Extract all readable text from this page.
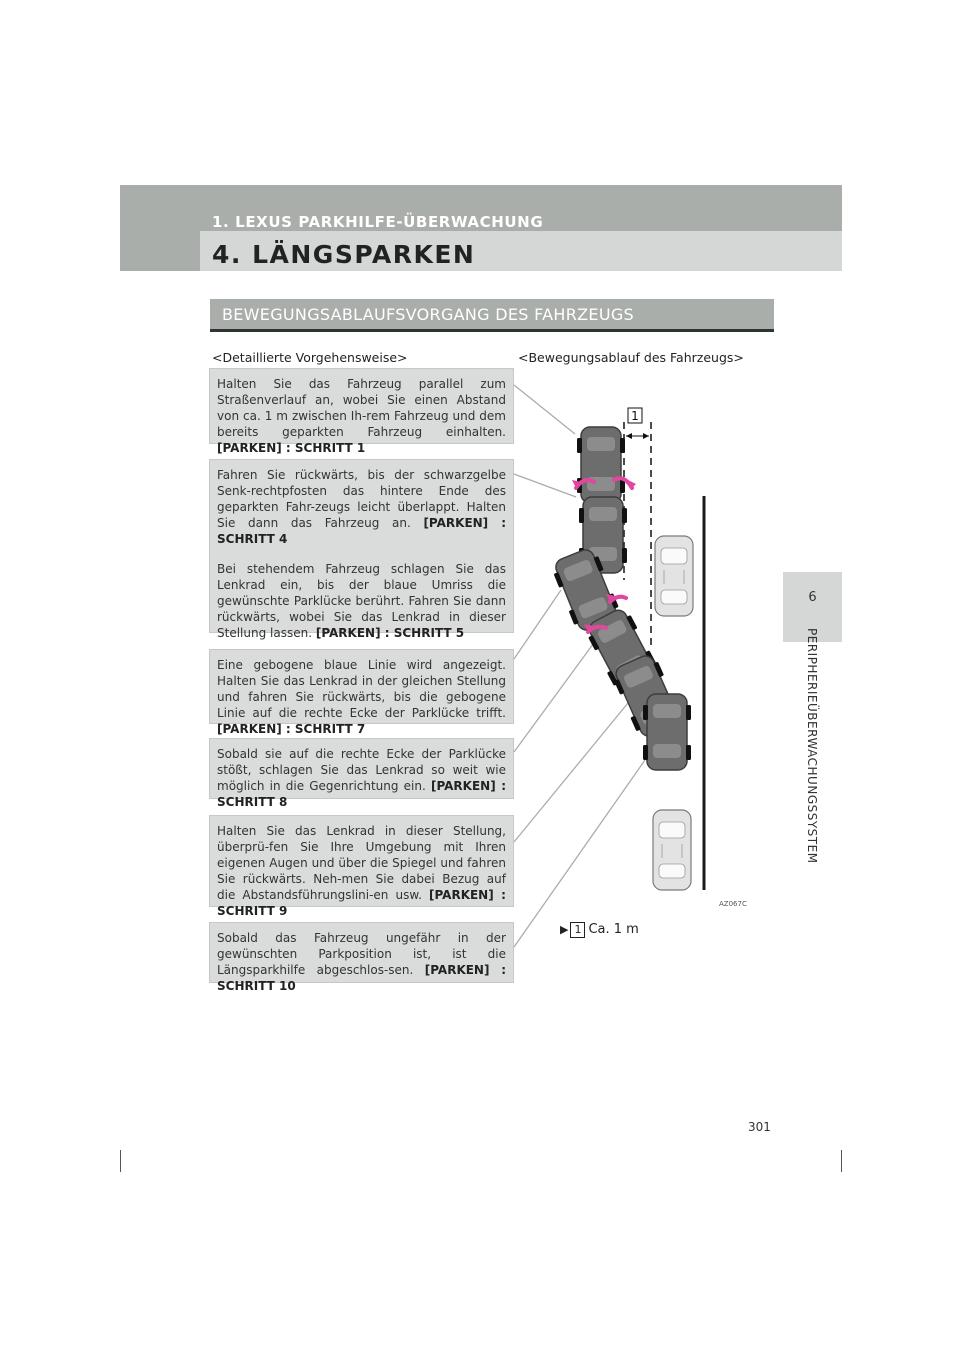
1. LEXUS PARKHILFE-ÜBERWACHUNG
4. LÄNGSPARKEN
6
PERIPHERIEÜBERWACHUNGSSYSTEM
BEWEGUNGSABLAUFSVORGANG DES FAHRZEUGS
<Detaillierte Vorgehensweise>	<Bewegungsablauf des Fahrzeugs>

Halten Sie das Fahrzeug parallel zum Straßenverlauf an, wobei Sie einen Abstand von ca. 1 m zwischen Ih-rem Fahrzeug und dem bereits geparkten Fahrzeug einhalten. [PARKEN] : SCHRITT 1

Fahren Sie rückwärts, bis der schwarzgelbe Senk-rechtpfosten das hintere Ende des geparkten Fahr-zeugs leicht überlappt. Halten Sie dann das Fahrzeug an. [PARKEN] : SCHRITT 4

Bei stehendem Fahrzeug schlagen Sie das Lenkrad ein, bis der blaue Umriss die gewünschte Parklücke berührt. Fahren Sie dann rückwärts, wobei Sie das Lenkrad in dieser Stellung lassen. [PARKEN] : SCHRITT 5

Eine gebogene blaue Linie wird angezeigt. Halten Sie das Lenkrad in der gleichen Stellung und fahren Sie rückwärts, bis die gebogene Linie auf die rechte Ecke der Parklücke trifft. [PARKEN] : SCHRITT 7

Sobald sie auf die rechte Ecke der Parklücke stößt, schlagen Sie das Lenkrad so weit wie möglich in die Gegenrichtung ein. [PARKEN] : SCHRITT 8

Halten Sie das Lenkrad in dieser Stellung, überprü-fen Sie Ihre Umgebung mit Ihren eigenen Augen und über die Spiegel und fahren Sie rückwärts. Neh-men Sie dabei Bezug auf die Abstandsführungslini-en usw. [PARKEN] : SCHRITT 9

Sobald das Fahrzeug ungefähr in der gewünschten Parkposition ist, ist die Längsparkhilfe abgeschlos-sen. [PARKEN] : SCHRITT 10

1
AZ067C
▶ 1 Ca. 1 m
301
